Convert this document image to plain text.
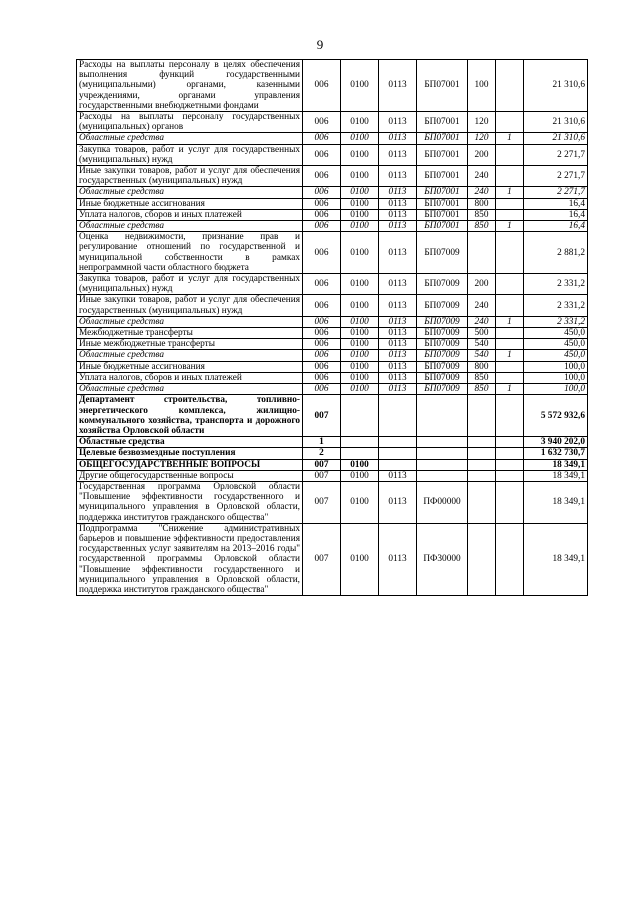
9
Расходы на выплаты персоналу в целях обеспечения выполнения функций государственными (муниципальными) органами, казенными учреждениями, органами управления государственными внебюджетными фондами	006	0100	0113	БП07001	100		21 310,6
Расходы на выплаты персоналу государственных (муниципальных) органов	006	0100	0113	БП07001	120		21 310,6
Областные средства	006	0100	0113	БП07001	120	1	21 310,6
Закупка товаров, работ и услуг для государственных (муниципальных) нужд	006	0100	0113	БП07001	200		2 271,7
Иные закупки товаров, работ и услуг для обеспечения государственных (муниципальных) нужд	006	0100	0113	БП07001	240		2 271,7
Областные средства	006	0100	0113	БП07001	240	1	2 271,7
Иные бюджетные ассигнования	006	0100	0113	БП07001	800		16,4
Уплата налогов, сборов и иных платежей	006	0100	0113	БП07001	850		16,4
Областные средства	006	0100	0113	БП07001	850	1	16,4
Оценка недвижимости, признание прав и регулирование отношений по государственной и муниципальной собственности в рамках непрограммной части областного бюджета	006	0100	0113	БП07009			2 881,2
Закупка товаров, работ и услуг для государственных (муниципальных) нужд	006	0100	0113	БП07009	200		2 331,2
Иные закупки товаров, работ и услуг для обеспечения государственных (муниципальных) нужд	006	0100	0113	БП07009	240		2 331,2
Областные средства	006	0100	0113	БП07009	240	1	2 331,2
Межбюджетные трансферты	006	0100	0113	БП07009	500		450,0
Иные межбюджетные трансферты	006	0100	0113	БП07009	540		450,0
Областные средства	006	0100	0113	БП07009	540	1	450,0
Иные бюджетные ассигнования	006	0100	0113	БП07009	800		100,0
Уплата налогов, сборов и иных платежей	006	0100	0113	БП07009	850		100,0
Областные средства	006	0100	0113	БП07009	850	1	100,0
Департамент строительства, топливно-энергетического комплекса, жилищно-коммунального хозяйства, транспорта и дорожного хозяйства Орловской области	007						5 572 932,6
Областные средства	1						3 940 202,0
Целевые безвозмездные поступления	2						1 632 730,7
ОБЩЕГОСУДАРСТВЕННЫЕ ВОПРОСЫ	007	0100					18 349,1
Другие общегосударственные вопросы	007	0100	0113				18 349,1
Государственная программа Орловской области "Повышение эффективности государственного и муниципального управления в Орловской области, поддержка институтов гражданского общества"	007	0100	0113	ПФ00000			18 349,1
Подпрограмма "Снижение административных барьеров и повышение эффективности предоставления государственных услуг заявителям на 2013–2016 годы" государственной программы Орловской области "Повышение эффективности государственного и муниципального управления в Орловской области, поддержка институтов гражданского общества"	007	0100	0113	ПФ30000			18 349,1
